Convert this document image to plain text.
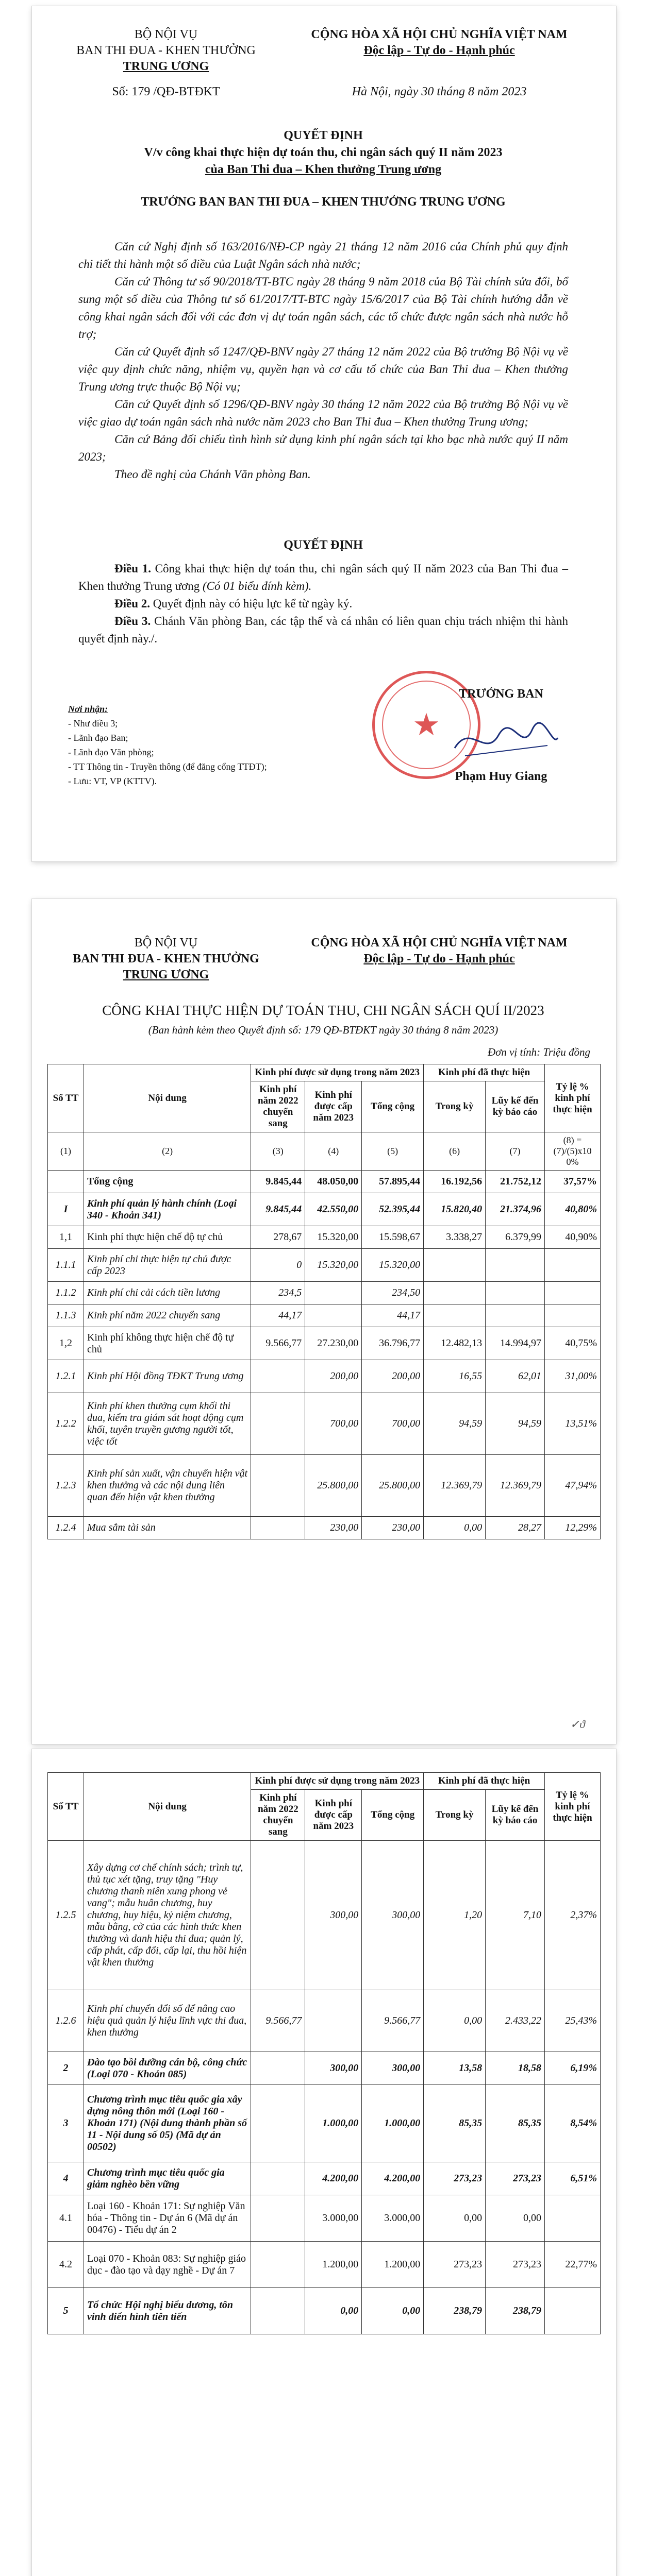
BỘ NỘI VỤ
BAN THI ĐUA - KHEN THƯỞNG
TRUNG ƯƠNG
Số: 179 /QĐ-BTĐKT
CỘNG HÒA XÃ HỘI CHỦ NGHĨA VIỆT NAM
Độc lập - Tự do - Hạnh phúc
Hà Nội, ngày 30 tháng 8 năm 2023
QUYẾT ĐỊNH
V/v công khai thực hiện dự toán thu, chi ngân sách quý II năm 2023
của Ban Thi đua – Khen thưởng Trung ương
TRƯỞNG BAN BAN THI ĐUA – KHEN THƯỞNG TRUNG ƯƠNG

Căn cứ Nghị định số 163/2016/NĐ-CP ngày 21 tháng 12 năm 2016 của Chính phủ quy định chi tiết thi hành một số điều của Luật Ngân sách nhà nước;

Căn cứ Thông tư số 90/2018/TT-BTC ngày 28 tháng 9 năm 2018 của Bộ Tài chính sửa đổi, bổ sung một số điều của Thông tư số 61/2017/TT-BTC ngày 15/6/2017 của Bộ Tài chính hướng dẫn về công khai ngân sách đối với các đơn vị dự toán ngân sách, các tổ chức được ngân sách nhà nước hỗ trợ;

Căn cứ Quyết định số 1247/QĐ-BNV ngày 27 tháng 12 năm 2022 của Bộ trưởng Bộ Nội vụ về việc quy định chức năng, nhiệm vụ, quyền hạn và cơ cấu tổ chức của Ban Thi đua – Khen thưởng Trung ương trực thuộc Bộ Nội vụ;

Căn cứ Quyết định số 1296/QĐ-BNV ngày 30 tháng 12 năm 2022 của Bộ trưởng Bộ Nội vụ về việc giao dự toán ngân sách nhà nước năm 2023 cho Ban Thi đua – Khen thưởng Trung ương;

Căn cứ Bảng đối chiếu tình hình sử dụng kinh phí ngân sách tại kho bạc nhà nước quý II năm 2023;

Theo đề nghị của Chánh Văn phòng Ban.

QUYẾT ĐỊNH

Điều 1. Công khai thực hiện dự toán thu, chi ngân sách quý II năm 2023 của Ban Thi đua – Khen thưởng Trung ương (Có 01 biểu đính kèm).

Điều 2. Quyết định này có hiệu lực kể từ ngày ký.

Điều 3. Chánh Văn phòng Ban, các tập thể và cá nhân có liên quan chịu trách nhiệm thi hành quyết định này./.

Nơi nhận:
- Như điều 3;
- Lãnh đạo Ban;
- Lãnh đạo Văn phòng;
- TT Thông tin - Truyền thông (để đăng cổng TTĐT);
- Lưu: VT, VP (KTTV).
★
TRƯỞNG BAN
Phạm Huy Giang
BỘ NỘI VỤ
BAN THI ĐUA - KHEN THƯỞNG
TRUNG ƯƠNG
CỘNG HÒA XÃ HỘI CHỦ NGHĨA VIỆT NAM
Độc lập - Tự do - Hạnh phúc
CÔNG KHAI THỰC HIỆN DỰ TOÁN THU, CHI NGÂN SÁCH QUÍ II/2023
(Ban hành kèm theo Quyết định số: 179 QĐ-BTĐKT ngày 30 tháng 8 năm 2023)
Đơn vị tính: Triệu đồng
Số TT	Nội dung	Kinh phí được sử dụng trong năm 2023			Kinh phí đã thực hiện		Tỷ lệ % kinh phí thực hiện
		Kinh phí năm 2022 chuyển sang	Kinh phí được cấp năm 2023	Tổng cộng	Trong kỳ	Lũy kế đến kỳ báo cáo	
(1)	(2)	(3)	(4)	(5)	(6)	(7)	(8) = (7)/(5)x10 0%
	Tổng cộng	9.845,44	48.050,00	57.895,44	16.192,56	21.752,12	37,57%
I	Kinh phí quản lý hành chính (Loại 340 - Khoản 341)	9.845,44	42.550,00	52.395,44	15.820,40	21.374,96	40,80%
1,1	Kinh phí thực hiện chế độ tự chủ	278,67	15.320,00	15.598,67	3.338,27	6.379,99	40,90%
1.1.1	Kinh phí chi thực hiện tự chủ được cấp 2023	0	15.320,00	15.320,00			
1.1.2	Kinh phí chi cải cách tiền lương	234,5		234,50			
1.1.3	Kinh phí năm 2022 chuyển sang	44,17		44,17			
1,2	Kinh phí không thực hiện chế độ tự chủ	9.566,77	27.230,00	36.796,77	12.482,13	14.994,97	40,75%
1.2.1	Kinh phí Hội đồng TĐKT Trung ương		200,00	200,00	16,55	62,01	31,00%
1.2.2	Kinh phí khen thưởng cụm khối thi đua, kiểm tra giám sát hoạt động cụm khối, tuyên truyền gương người tốt, việc tốt		700,00	700,00	94,59	94,59	13,51%
1.2.3	Kinh phí sản xuất, vận chuyển hiện vật khen thưởng và các nội dung liên quan đến hiện vật khen thưởng		25.800,00	25.800,00	12.369,79	12.369,79	47,94%
1.2.4	Mua sắm tài sản		230,00	230,00	0,00	28,27	12,29%
✓ϑ
Số TT	Nội dung	Kinh phí được sử dụng trong năm 2023			Kinh phí đã thực hiện		Tỷ lệ % kinh phí thực hiện
		Kinh phí năm 2022 chuyển sang	Kinh phí được cấp năm 2023	Tổng cộng	Trong kỳ	Lũy kế đến kỳ báo cáo	
1.2.5	Xây dựng cơ chế chính sách; trình tự, thủ tục xét tặng, truy tặng "Huy chương thanh niên xung phong vẻ vang"; mẫu huân chương, huy chương, huy hiệu, kỷ niệm chương, mẫu bằng, cờ của các hình thức khen thưởng và danh hiệu thi đua; quản lý, cấp phát, cấp đổi, cấp lại, thu hồi hiện vật khen thưởng		300,00	300,00	1,20	7,10	2,37%
1.2.6	Kinh phí chuyển đổi số để nâng cao hiệu quả quản lý hiệu lĩnh vực thi đua, khen thưởng	9.566,77		9.566,77	0,00	2.433,22	25,43%
2	Đào tạo bồi dưỡng cán bộ, công chức (Loại 070 - Khoản 085)		300,00	300,00	13,58	18,58	6,19%
3	Chương trình mục tiêu quốc gia xây dựng nông thôn mới (Loại 160 - Khoản 171) (Nội dung thành phần số 11 - Nội dung số 05) (Mã dự án 00502)		1.000,00	1.000,00	85,35	85,35	8,54%
4	Chương trình mục tiêu quốc gia giảm nghèo bền vững		4.200,00	4.200,00	273,23	273,23	6,51%
4.1	Loại 160 - Khoản 171: Sự nghiệp Văn hóa - Thông tin - Dự án 6 (Mã dự án 00476) - Tiểu dự án 2		3.000,00	3.000,00	0,00	0,00	
4.2	Loại 070 - Khoản 083: Sự nghiệp giáo dục - đào tạo và dạy nghề - Dự án 7		1.200,00	1.200,00	273,23	273,23	22,77%
5	Tổ chức Hội nghị biểu dương, tôn vinh điển hình tiên tiến		0,00	0,00	238,79	238,79	
